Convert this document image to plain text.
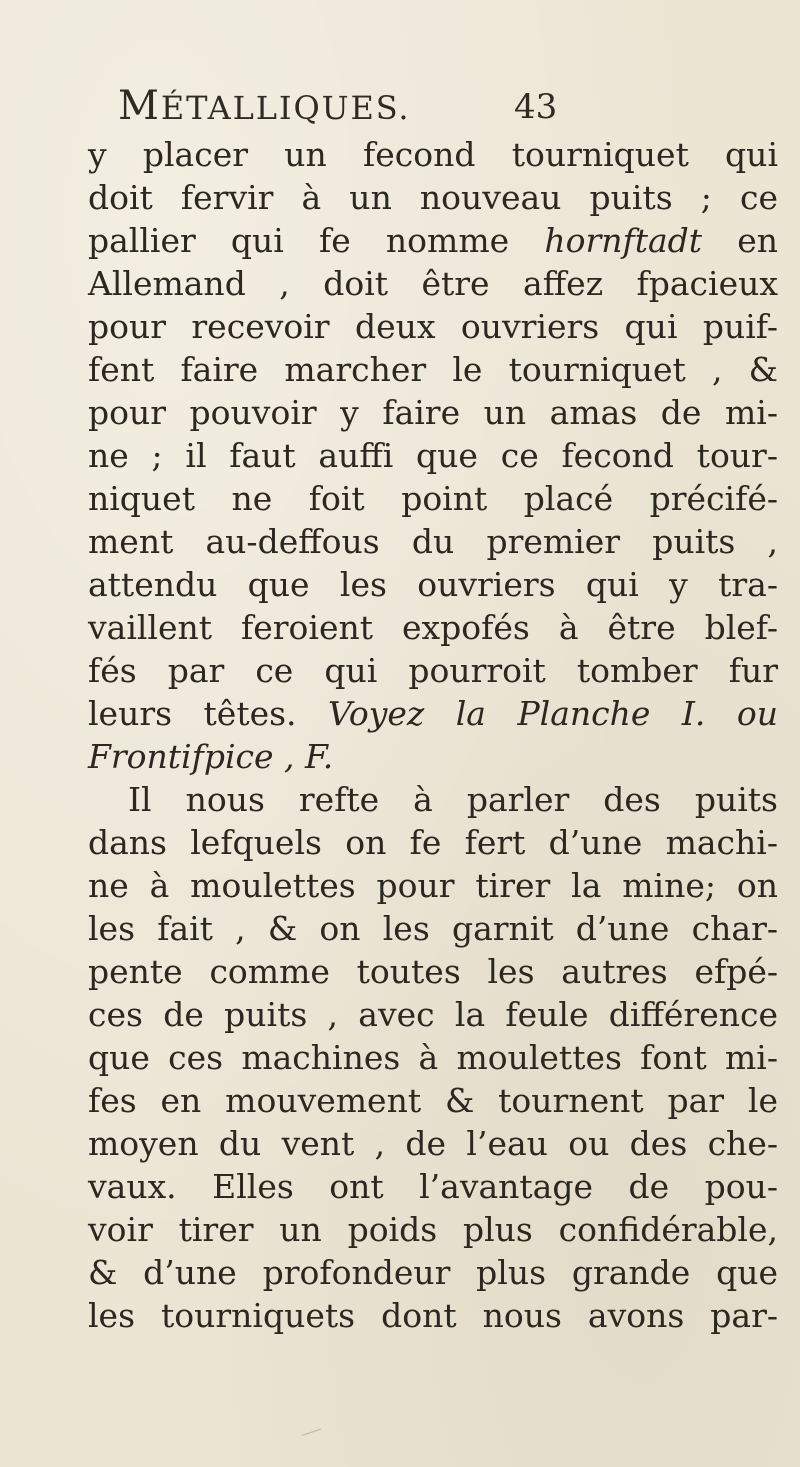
MÉTALLIQUES.	43
y placer un fecond tourniquet qui
doit fervir à un nouveau puits ; ce
pallier qui fe nomme hornftadt en
Allemand , doit être affez fpacieux
pour recevoir deux ouvriers qui puif-
fent faire marcher le tourniquet , &
pour pouvoir y faire un amas de mi-
ne ; il faut auffi que ce fecond tour-
niquet ne foit point placé précifé-
ment au-deffous du premier puits ,
attendu que les ouvriers qui y tra-
vaillent feroient expofés à être blef-
fés par ce qui pourroit tomber fur
leurs têtes. Voyez la Planche I. ou
Frontifpice , F.
Il nous refte à parler des puits
dans lefquels on fe fert d’une machi-
ne à moulettes pour tirer la mine; on
les fait , & on les garnit d’une char-
pente comme toutes les autres efpé-
ces de puits , avec la feule différence
que ces machines à moulettes font mi-
fes en mouvement & tournent par le
moyen du vent , de l’eau ou des che-
vaux. Elles ont l’avantage de pou-
voir tirer un poids plus confidérable,
& d’une profondeur plus grande que
les tourniquets dont nous avons par-
